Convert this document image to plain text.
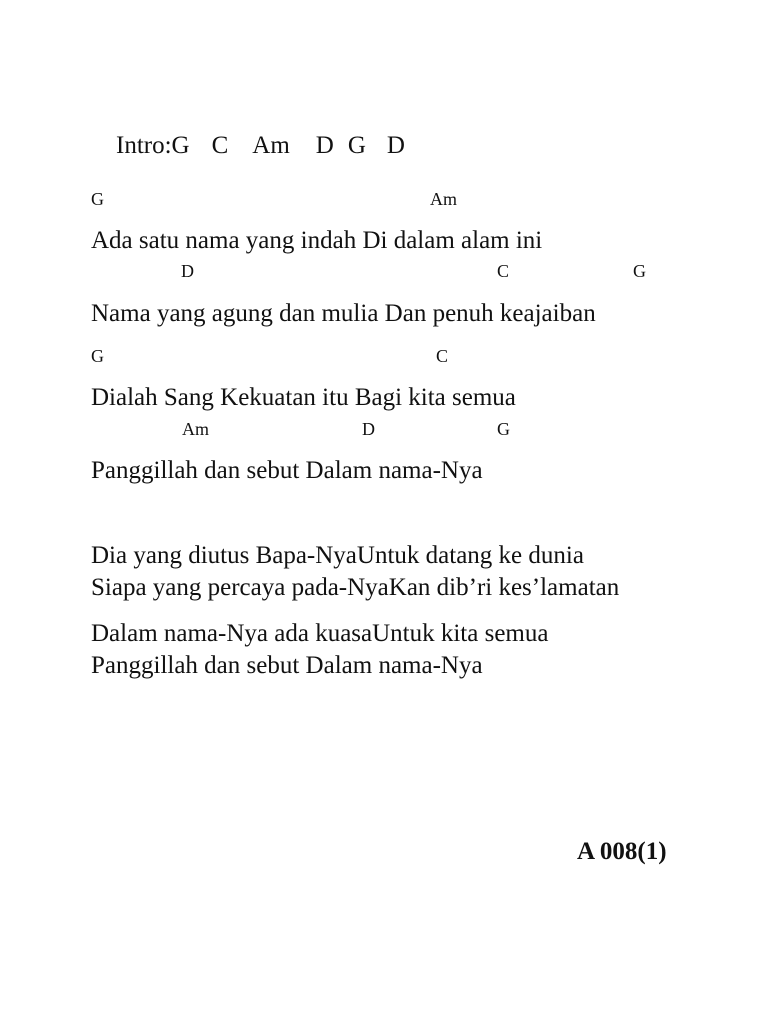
Intro:G C Am D G D

G	Am
Ada satu nama yang indah Di dalam alam ini
D	C	G
Nama yang agung dan mulia Dan penuh keajaiban
G	C
Dialah Sang Kekuatan itu Bagi kita semua
Am	D	G
Panggillah dan sebut Dalam nama-Nya
Dia yang diutus Bapa-NyaUntuk datang ke dunia
Siapa yang percaya pada-NyaKan dib’ri kes’lamatan
Dalam nama-Nya ada kuasaUntuk kita semua
Panggillah dan sebut Dalam nama-Nya
A 008(1)
